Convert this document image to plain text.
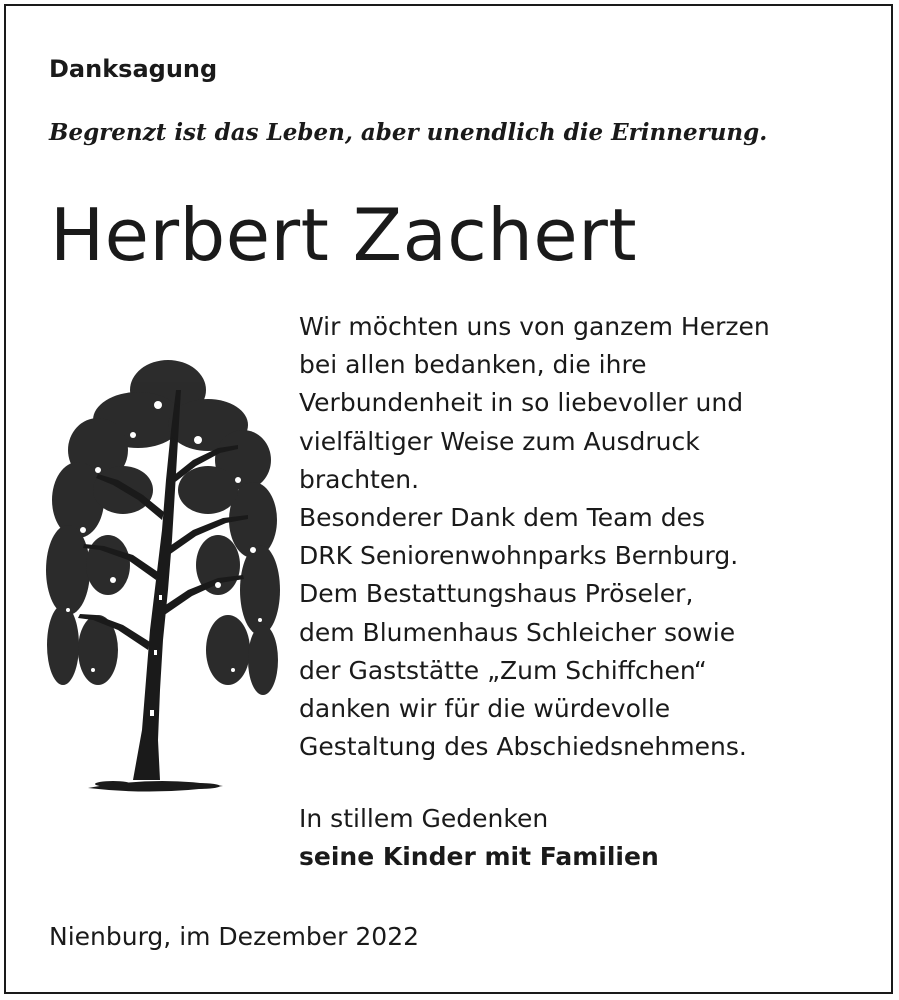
Danksagung

Begrenzt ist das Leben, aber unendlich die Erinnerung.

Herbert Zachert
Wir möchten uns von ganzem Herzen
bei allen bedanken, die ihre
Verbundenheit in so liebevoller und
vielfältiger Weise zum Ausdruck
brachten.
Besonderer Dank dem Team des
DRK Seniorenwohnparks Bernburg.
Dem Bestattungshaus Pröseler,
dem Blumenhaus Schleicher sowie
der Gaststätte „Zum Schiffchen“
danken wir für die würdevolle
Gestaltung des Abschiedsnehmens.
In stillem Gedenken
seine Kinder mit Familien
Nienburg, im Dezember 2022
